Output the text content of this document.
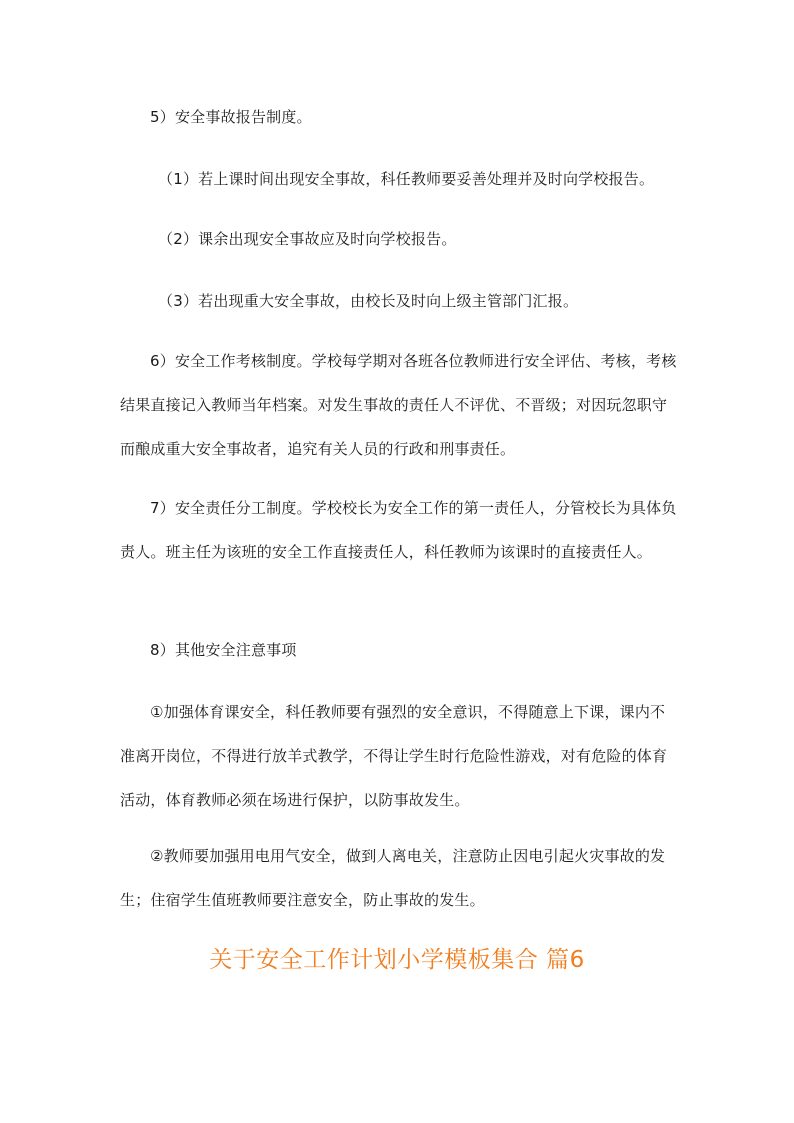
5）安全事故报告制度。

（1）若上课时间出现安全事故，科任教师要妥善处理并及时向学校报告。

（2）课余出现安全事故应及时向学校报告。

（3）若出现重大安全事故，由校长及时向上级主管部门汇报。

6）安全工作考核制度。学校每学期对各班各位教师进行安全评估、考核，考核结果直接记入教师当年档案。对发生事故的责任人不评优、不晋级；对因玩忽职守而酿成重大安全事故者，追究有关人员的行政和刑事责任。

7）安全责任分工制度。学校校长为安全工作的第一责任人，分管校长为具体负责人。班主任为该班的安全工作直接责任人，科任教师为该课时的直接责任人。

8）其他安全注意事项

①加强体育课安全，科任教师要有强烈的安全意识，不得随意上下课，课内不准离开岗位，不得进行放羊式教学，不得让学生时行危险性游戏，对有危险的体育活动，体育教师必须在场进行保护，以防事故发生。

②教师要加强用电用气安全，做到人离电关，注意防止因电引起火灾事故的发生；住宿学生值班教师要注意安全，防止事故的发生。

关于安全工作计划小学模板集合 篇6
